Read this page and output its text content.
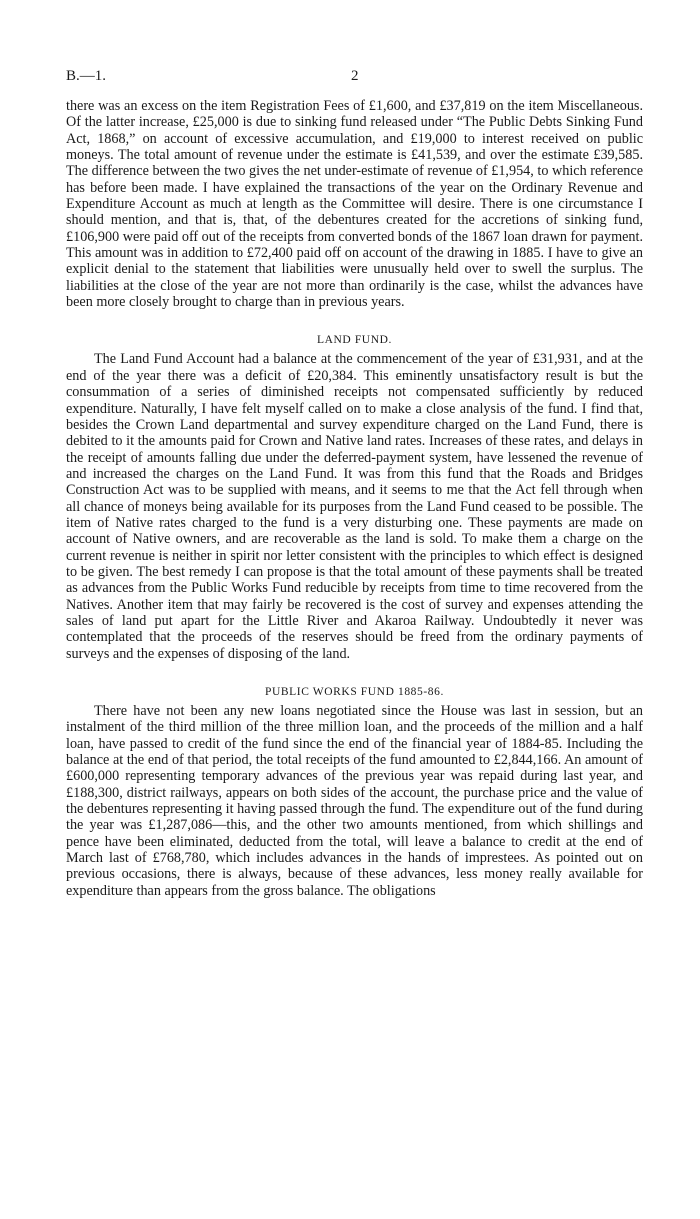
B.—1.	2

there was an excess on the item Registration Fees of £1,600, and £37,819 on the item Miscellaneous. Of the latter increase, £25,000 is due to sinking fund released under “The Public Debts Sinking Fund Act, 1868,” on account of excessive accumulation, and £19,000 to interest received on public moneys. The total amount of revenue under the estimate is £41,539, and over the estimate £39,585. The difference between the two gives the net under-estimate of revenue of £1,954, to which reference has before been made. I have explained the transactions of the year on the Ordinary Revenue and Expenditure Account as much at length as the Committee will desire. There is one circumstance I should mention, and that is, that, of the debentures created for the accretions of sinking fund, £106,900 were paid off out of the receipts from converted bonds of the 1867 loan drawn for payment. This amount was in addition to £72,400 paid off on account of the drawing in 1885. I have to give an explicit denial to the statement that liabilities were unusually held over to swell the surplus. The liabilities at the close of the year are not more than ordinarily is the case, whilst the advances have been more closely brought to charge than in previous years.

LAND FUND.

The Land Fund Account had a balance at the commencement of the year of £31,931, and at the end of the year there was a deficit of £20,384. This eminently unsatisfactory result is but the consummation of a series of diminished receipts not compensated sufficiently by reduced expenditure. Naturally, I have felt myself called on to make a close analysis of the fund. I find that, besides the Crown Land departmental and survey expenditure charged on the Land Fund, there is debited to it the amounts paid for Crown and Native land rates. Increases of these rates, and delays in the receipt of amounts falling due under the deferred-payment system, have lessened the revenue of and increased the charges on the Land Fund. It was from this fund that the Roads and Bridges Construction Act was to be supplied with means, and it seems to me that the Act fell through when all chance of moneys being available for its purposes from the Land Fund ceased to be possible. The item of Native rates charged to the fund is a very disturbing one. These payments are made on account of Native owners, and are recoverable as the land is sold. To make them a charge on the current revenue is neither in spirit nor letter consistent with the principles to which effect is designed to be given. The best remedy I can propose is that the total amount of these payments shall be treated as advances from the Public Works Fund reducible by receipts from time to time recovered from the Natives. Another item that may fairly be recovered is the cost of survey and expenses attending the sales of land put apart for the Little River and Akaroa Railway. Undoubtedly it never was contemplated that the proceeds of the reserves should be freed from the ordinary payments of surveys and the expenses of disposing of the land.

PUBLIC WORKS FUND 1885-86.

There have not been any new loans negotiated since the House was last in session, but an instalment of the third million of the three million loan, and the proceeds of the million and a half loan, have passed to credit of the fund since the end of the financial year of 1884-85. Including the balance at the end of that period, the total receipts of the fund amounted to £2,844,166. An amount of £600,000 representing temporary advances of the previous year was repaid during last year, and £188,300, district railways, appears on both sides of the account, the purchase price and the value of the debentures representing it having passed through the fund. The expenditure out of the fund during the year was £1,287,086—this, and the other two amounts mentioned, from which shillings and pence have been eliminated, deducted from the total, will leave a balance to credit at the end of March last of £768,780, which includes advances in the hands of imprestees. As pointed out on previous occasions, there is always, because of these advances, less money really available for expenditure than appears from the gross balance. The obligations
